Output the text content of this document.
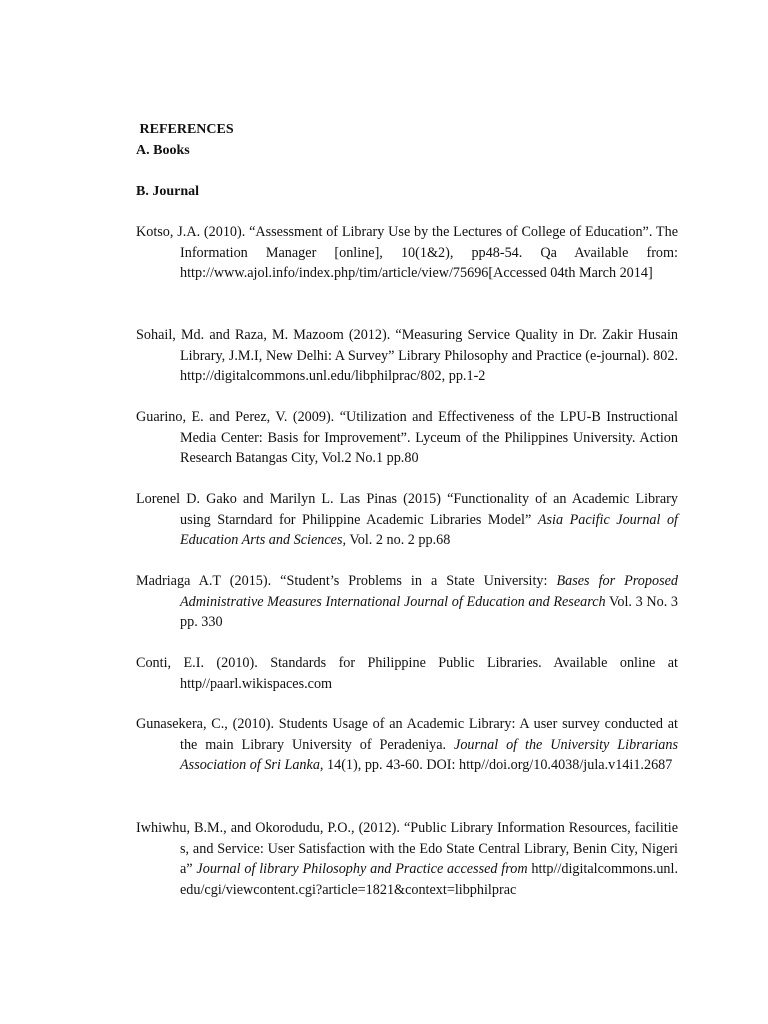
REFERENCES
A. Books
B. Journal
Kotso, J.A. (2010). “Assessment of Library Use by the Lectures of College of Education”. The Information Manager [online], 10(1&2), pp48-54. Qa Available from: http://www.ajol.info/index.php/tim/article/view/75696[Accessed 04th March 2014]
Sohail, Md. and Raza, M. Mazoom (2012). “Measuring Service Quality in Dr. Zakir Husain Library, J.M.I, New Delhi: A Survey” Library Philosophy and Practice (e-journal). 802. http://digitalcommons.unl.edu/libphilprac/802, pp.1-2
Guarino, E. and Perez, V. (2009). “Utilization and Effectiveness of the LPU-B Instructional Media Center: Basis for Improvement”. Lyceum of the Philippines University. Action Research Batangas City, Vol.2 No.1 pp.80
Lorenel D. Gako and Marilyn L. Las Pinas (2015) “Functionality of an Academic Library using Starndard for Philippine Academic Libraries Model” Asia Pacific Journal of Education Arts and Sciences, Vol. 2 no. 2 pp.68
Madriaga A.T (2015). “Student’s Problems in a State University: Bases for Proposed Administrative Measures International Journal of Education and Research Vol. 3 No. 3 pp. 330
Conti, E.I. (2010). Standards for Philippine Public Libraries. Available online at http//paarl.wikispaces.com
Gunasekera, C., (2010). Students Usage of an Academic Library: A user survey conducted at the main Library University of Peradeniya. Journal of the University Librarians Association of Sri Lanka, 14(1), pp. 43-60. DOI: http//doi.org/10.4038/jula.v14i1.2687
Iwhiwhu, B.M., and Okorodudu, P.O., (2012). “Public Library Information Resources, facilities, and Service: User Satisfaction with the Edo State Central Library, Benin City, Nigeria” Journal of library Philosophy and Practice accessed from http//digitalcommons.unl.edu/cgi/viewcontent.cgi?article=1821&context=libphilprac
